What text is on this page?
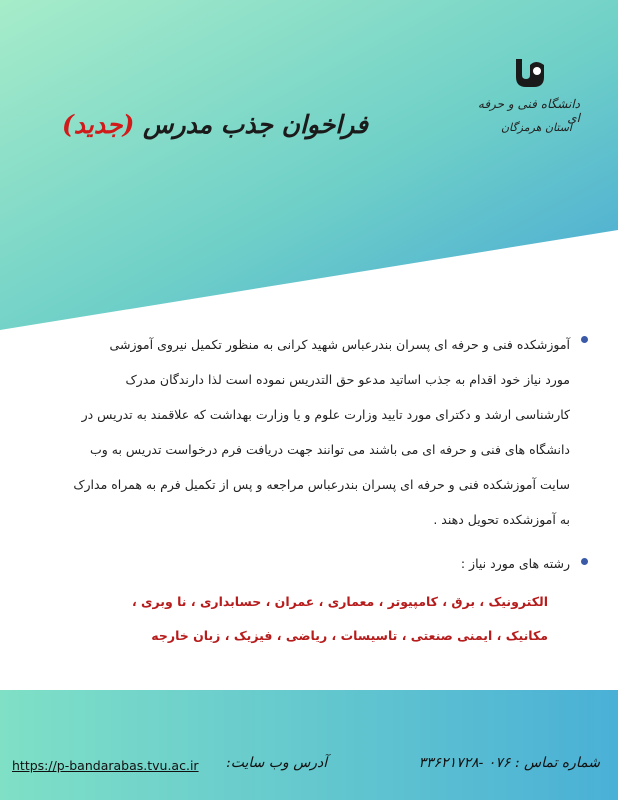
دانشگاه فنی و حرفه ای
استان هرمزگان
فراخوان جذب مدرس (جدید)
آموزشکده فنی و حرفه ای پسران بندرعباس شهید کرانی به منظور تکمیل نیروی آموزشی
مورد نیاز خود اقدام به جذب اساتید مدعو حق التدریس نموده است لذا دارندگان مدرک
کارشناسی ارشد و دکترای مورد تایید وزارت علوم و یا وزارت بهداشت که علاقمند به تدریس در
دانشگاه های فنی و حرفه ای می باشند می توانند جهت دریافت فرم درخواست تدریس به وب
سایت آموزشکده فنی و حرفه ای پسران بندرعباس مراجعه و پس از تکمیل فرم به همراه مدارک
به آموزشکده تحویل دهند .
رشته های مورد نیاز :
الکترونیک ، برق ، کامپیوتر ، معماری ، عمران ، حسابداری ، نا وبری ،
مکانیک ، ایمنی صنعتی ، تاسیسات ، ریاضی ، فیزیک ، زبان خارجه
شماره تماس : ۰۷۶ -۳۳۶۲۱۷۲۸
آدرس وب سایت:
https://p-bandarabas.tvu.ac.ir
